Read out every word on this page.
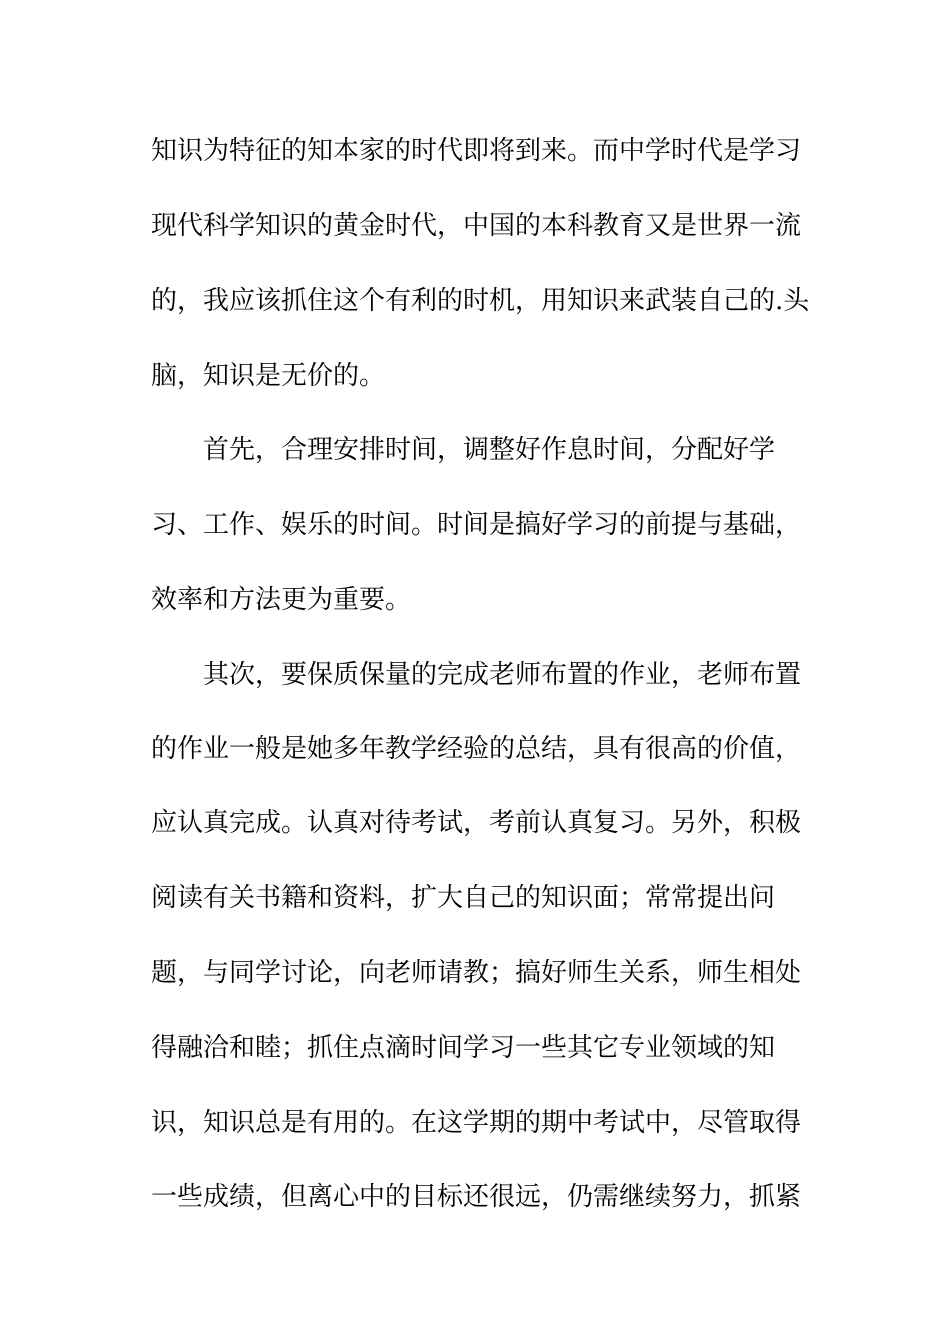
知识为特征的知本家的时代即将到来。而中学时代是学习
现代科学知识的黄金时代，中国的本科教育又是世界一流
的，我应该抓住这个有利的时机，用知识来武装自己的.头
脑，知识是无价的。
首先，合理安排时间，调整好作息时间，分配好学
习、工作、娱乐的时间。时间是搞好学习的前提与基础，
效率和方法更为重要。
其次，要保质保量的完成老师布置的作业，老师布置
的作业一般是她多年教学经验的总结，具有很高的价值，
应认真完成。认真对待考试，考前认真复习。另外，积极
阅读有关书籍和资料，扩大自己的知识面；常常提出问
题，与同学讨论，向老师请教；搞好师生关系，师生相处
得融洽和睦；抓住点滴时间学习一些其它专业领域的知
识，知识总是有用的。在这学期的期中考试中，尽管取得
一些成绩，但离心中的目标还很远，仍需继续努力，抓紧
